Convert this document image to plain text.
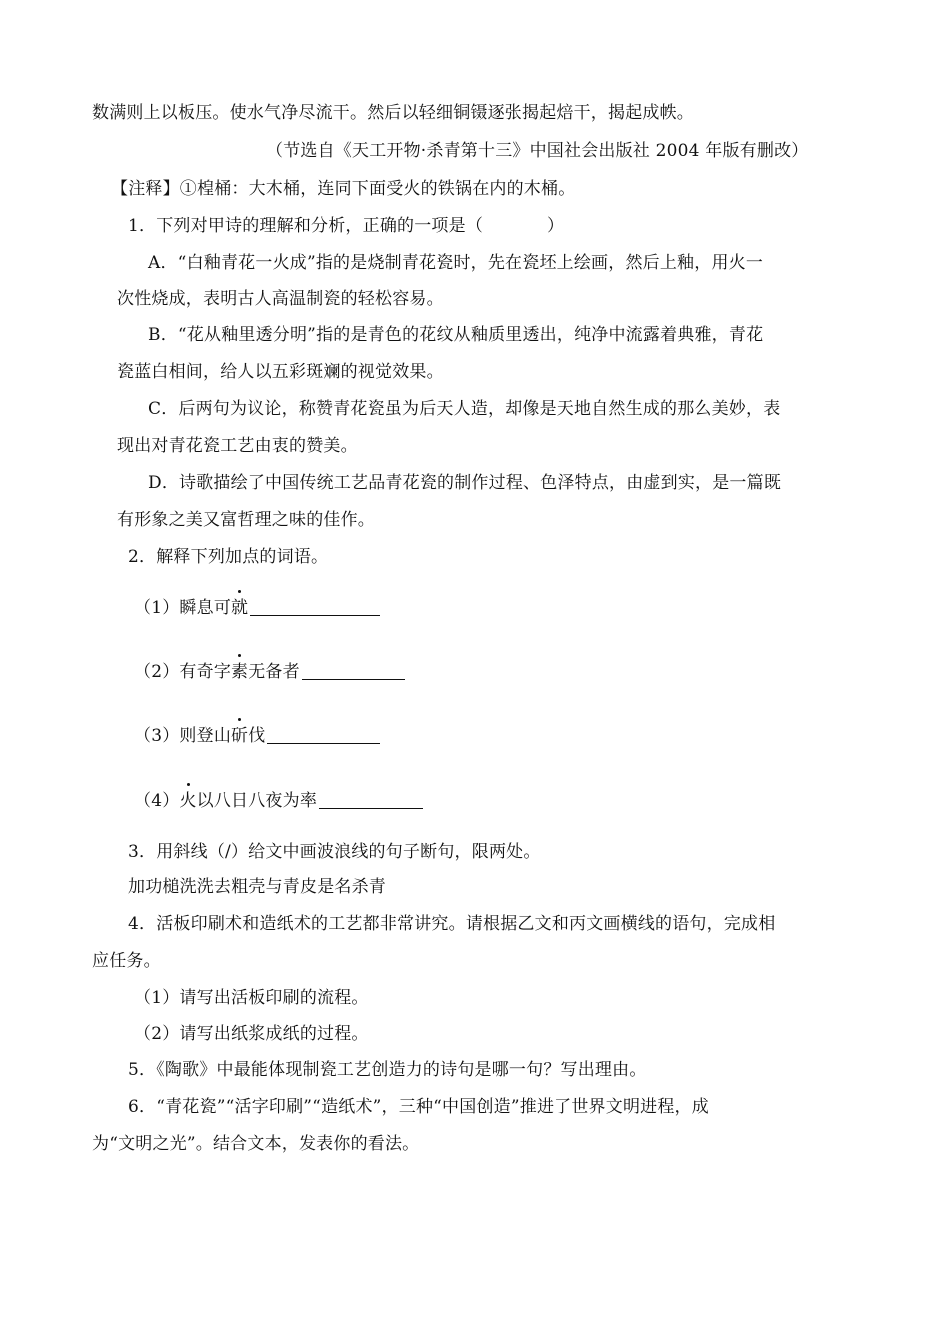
数满则上以板压。使水气净尽流干。然后以轻细铜镊逐张揭起焙干，揭起成帙。
（节选自《天工开物·杀青第十三》中国社会出版社 2004 年版有删改）
【注释】①楻桶：大木桶，连同下面受火的铁锅在内的木桶。
1．下列对甲诗的理解和分析，正确的一项是（	）
A．“白釉青花一火成”指的是烧制青花瓷时，先在瓷坯上绘画，然后上釉，用火一
次性烧成，表明古人高温制瓷的轻松容易。
B．“花从釉里透分明”指的是青色的花纹从釉质里透出，纯净中流露着典雅，青花
瓷蓝白相间，给人以五彩斑斓的视觉效果。
C．后两句为议论，称赞青花瓷虽为后天人造，却像是天地自然生成的那么美妙，表
现出对青花瓷工艺由衷的赞美。
D．诗歌描绘了中国传统工艺品青花瓷的制作过程、色泽特点，由虚到实，是一篇既
有形象之美又富哲理之味的佳作。
2．解释下列加点的词语。
（1）瞬息可就
（2）有奇字素无备者
（3）则登山斫伐
（4）火以八日八夜为率
3．用斜线（/）给文中画波浪线的句子断句，限两处。
加功槌洗洗去粗壳与青皮是名杀青
4．活板印刷术和造纸术的工艺都非常讲究。请根据乙文和丙文画横线的语句，完成相
应任务。
（1）请写出活板印刷的流程。
（2）请写出纸浆成纸的过程。
5．《陶歌》中最能体现制瓷工艺创造力的诗句是哪一句？写出理由。
6．“青花瓷”“活字印刷”“造纸术”，三种“中国创造”推进了世界文明进程，成
为“文明之光”。结合文本，发表你的看法。
